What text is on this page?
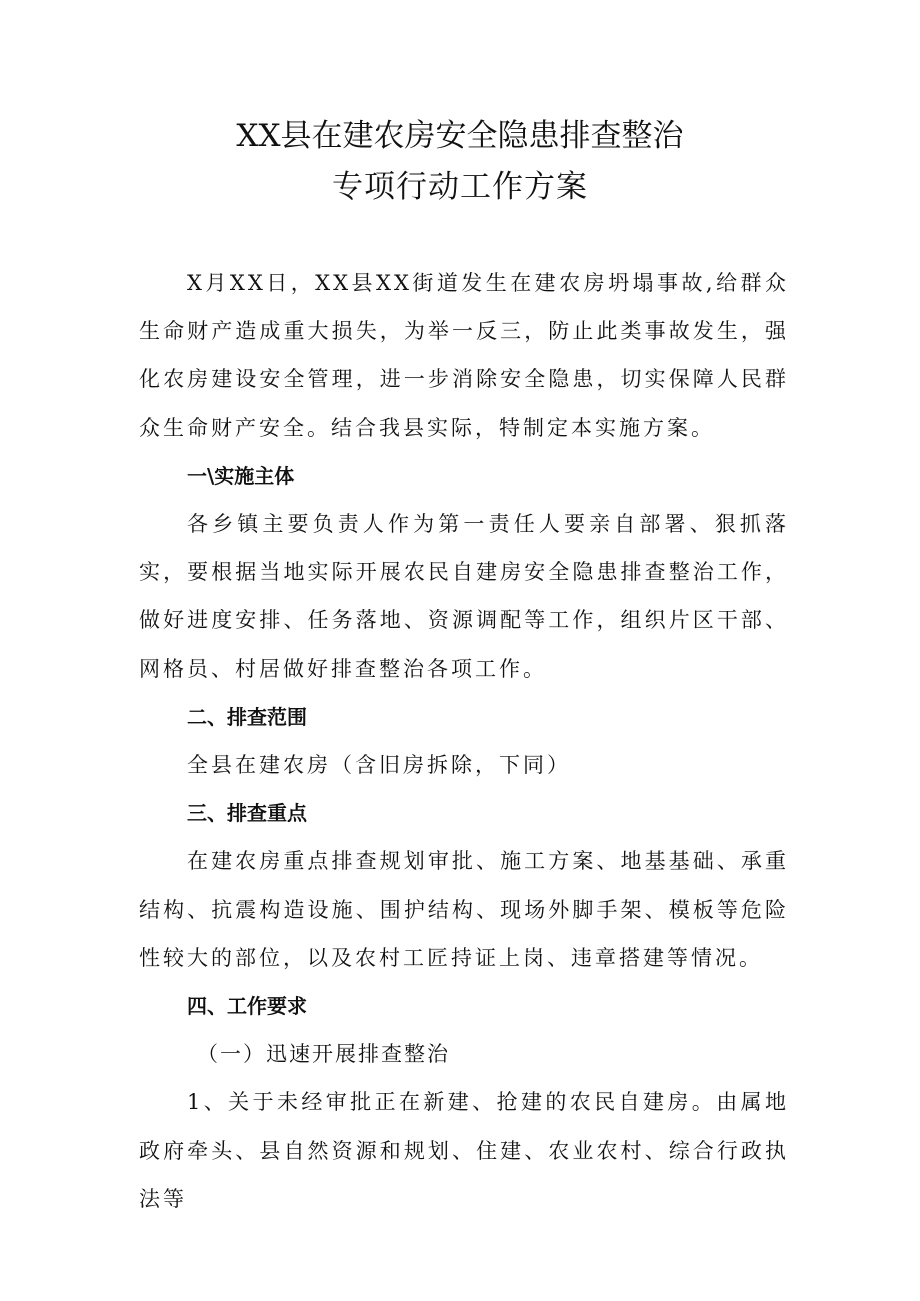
XX县在建农房安全隐患排查整治
专项行动工作方案

X月XX日，XX县XX街道发生在建农房坍塌事故,给群众生命财产造成重大损失，为举一反三，防止此类事故发生，强化农房建设安全管理，进一步消除安全隐患，切实保障人民群众生命财产安全。结合我县实际，特制定本实施方案。

一\实施主体

各乡镇主要负责人作为第一责任人要亲自部署、狠抓落实，要根据当地实际开展农民自建房安全隐患排查整治工作，做好进度安排、任务落地、资源调配等工作，组织片区干部、网格员、村居做好排查整治各项工作。

二、排查范围

全县在建农房（含旧房拆除，下同）

三、排查重点

在建农房重点排查规划审批、施工方案、地基基础、承重结构、抗震构造设施、围护结构、现场外脚手架、模板等危险性较大的部位，以及农村工匠持证上岗、违章搭建等情况。

四、工作要求

（一）迅速开展排查整治

1、关于未经审批正在新建、抢建的农民自建房。由属地政府牵头、县自然资源和规划、住建、农业农村、综合行政执法等
